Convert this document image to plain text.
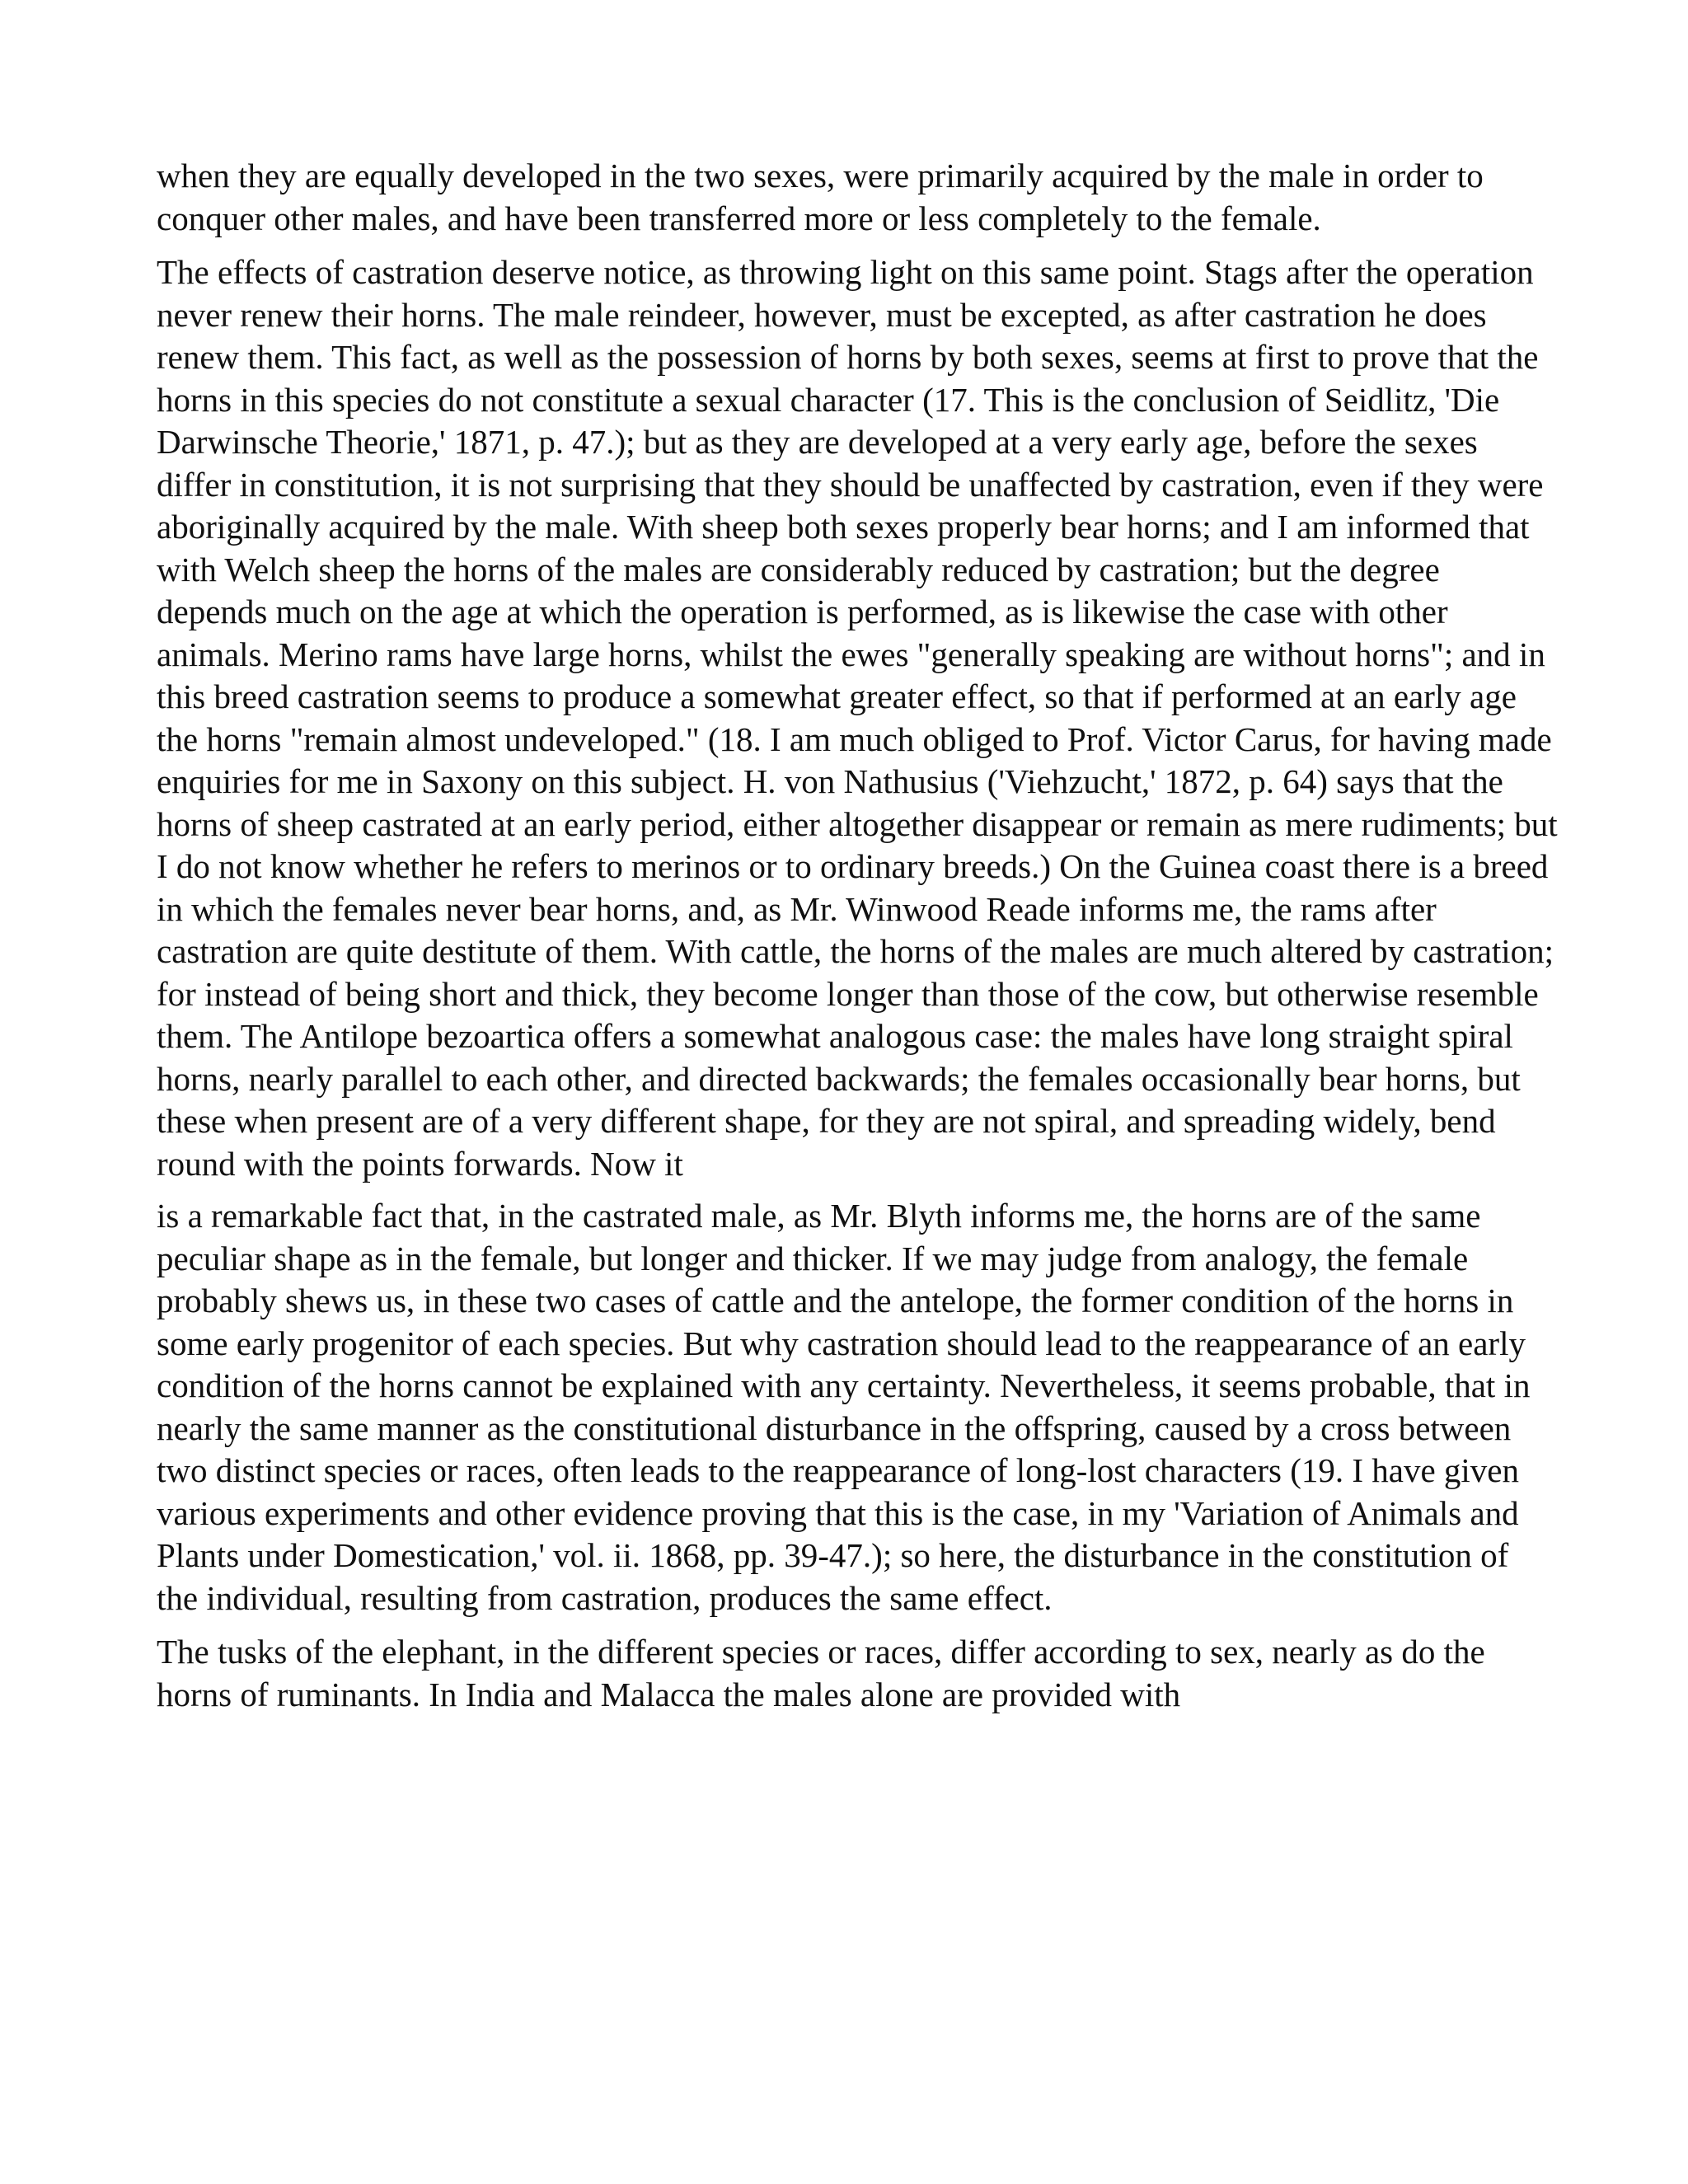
when they are equally developed in the two sexes, were primarily acquired by the male in order to conquer other males, and have been transferred more or less completely to the female.

The effects of castration deserve notice, as throwing light on this same point. Stags after the operation never renew their horns. The male reindeer, however, must be excepted, as after castration he does renew them. This fact, as well as the possession of horns by both sexes, seems at first to prove that the horns in this species do not constitute a sexual character (17. This is the conclusion of Seidlitz, 'Die Darwinsche Theorie,' 1871, p. 47.); but as they are developed at a very early age, before the sexes differ in constitution, it is not surprising that they should be unaffected by castration, even if they were aboriginally acquired by the male. With sheep both sexes properly bear horns; and I am informed that with Welch sheep the horns of the males are considerably reduced by castration; but the degree depends much on the age at which the operation is performed, as is likewise the case with other animals. Merino rams have large horns, whilst the ewes "generally speaking are without horns"; and in this breed castration seems to produce a somewhat greater effect, so that if performed at an early age the horns "remain almost undeveloped." (18. I am much obliged to Prof. Victor Carus, for having made enquiries for me in Saxony on this subject. H. von Nathusius ('Viehzucht,' 1872, p. 64) says that the horns of sheep castrated at an early period, either altogether disappear or remain as mere rudiments; but I do not know whether he refers to merinos or to ordinary breeds.) On the Guinea coast there is a breed in which the females never bear horns, and, as Mr. Winwood Reade informs me, the rams after castration are quite destitute of them. With cattle, the horns of the males are much altered by castration; for instead of being short and thick, they become longer than those of the cow, but otherwise resemble them. The Antilope bezoartica offers a somewhat analogous case: the males have long straight spiral horns, nearly parallel to each other, and directed backwards; the females occasionally bear horns, but these when present are of a very different shape, for they are not spiral, and spreading widely, bend round with the points forwards. Now it

is a remarkable fact that, in the castrated male, as Mr. Blyth informs me, the horns are of the same peculiar shape as in the female, but longer and thicker. If we may judge from analogy, the female probably shews us, in these two cases of cattle and the antelope, the former condition of the horns in some early progenitor of each species. But why castration should lead to the reappearance of an early condition of the horns cannot be explained with any certainty. Nevertheless, it seems probable, that in nearly the same manner as the constitutional disturbance in the offspring, caused by a cross between two distinct species or races, often leads to the reappearance of long-lost characters (19. I have given various experiments and other evidence proving that this is the case, in my 'Variation of Animals and Plants under Domestication,' vol. ii. 1868, pp. 39-47.); so here, the disturbance in the constitution of the individual, resulting from castration, produces the same effect.

The tusks of the elephant, in the different species or races, differ according to sex, nearly as do the horns of ruminants. In India and Malacca the males alone are provided with
